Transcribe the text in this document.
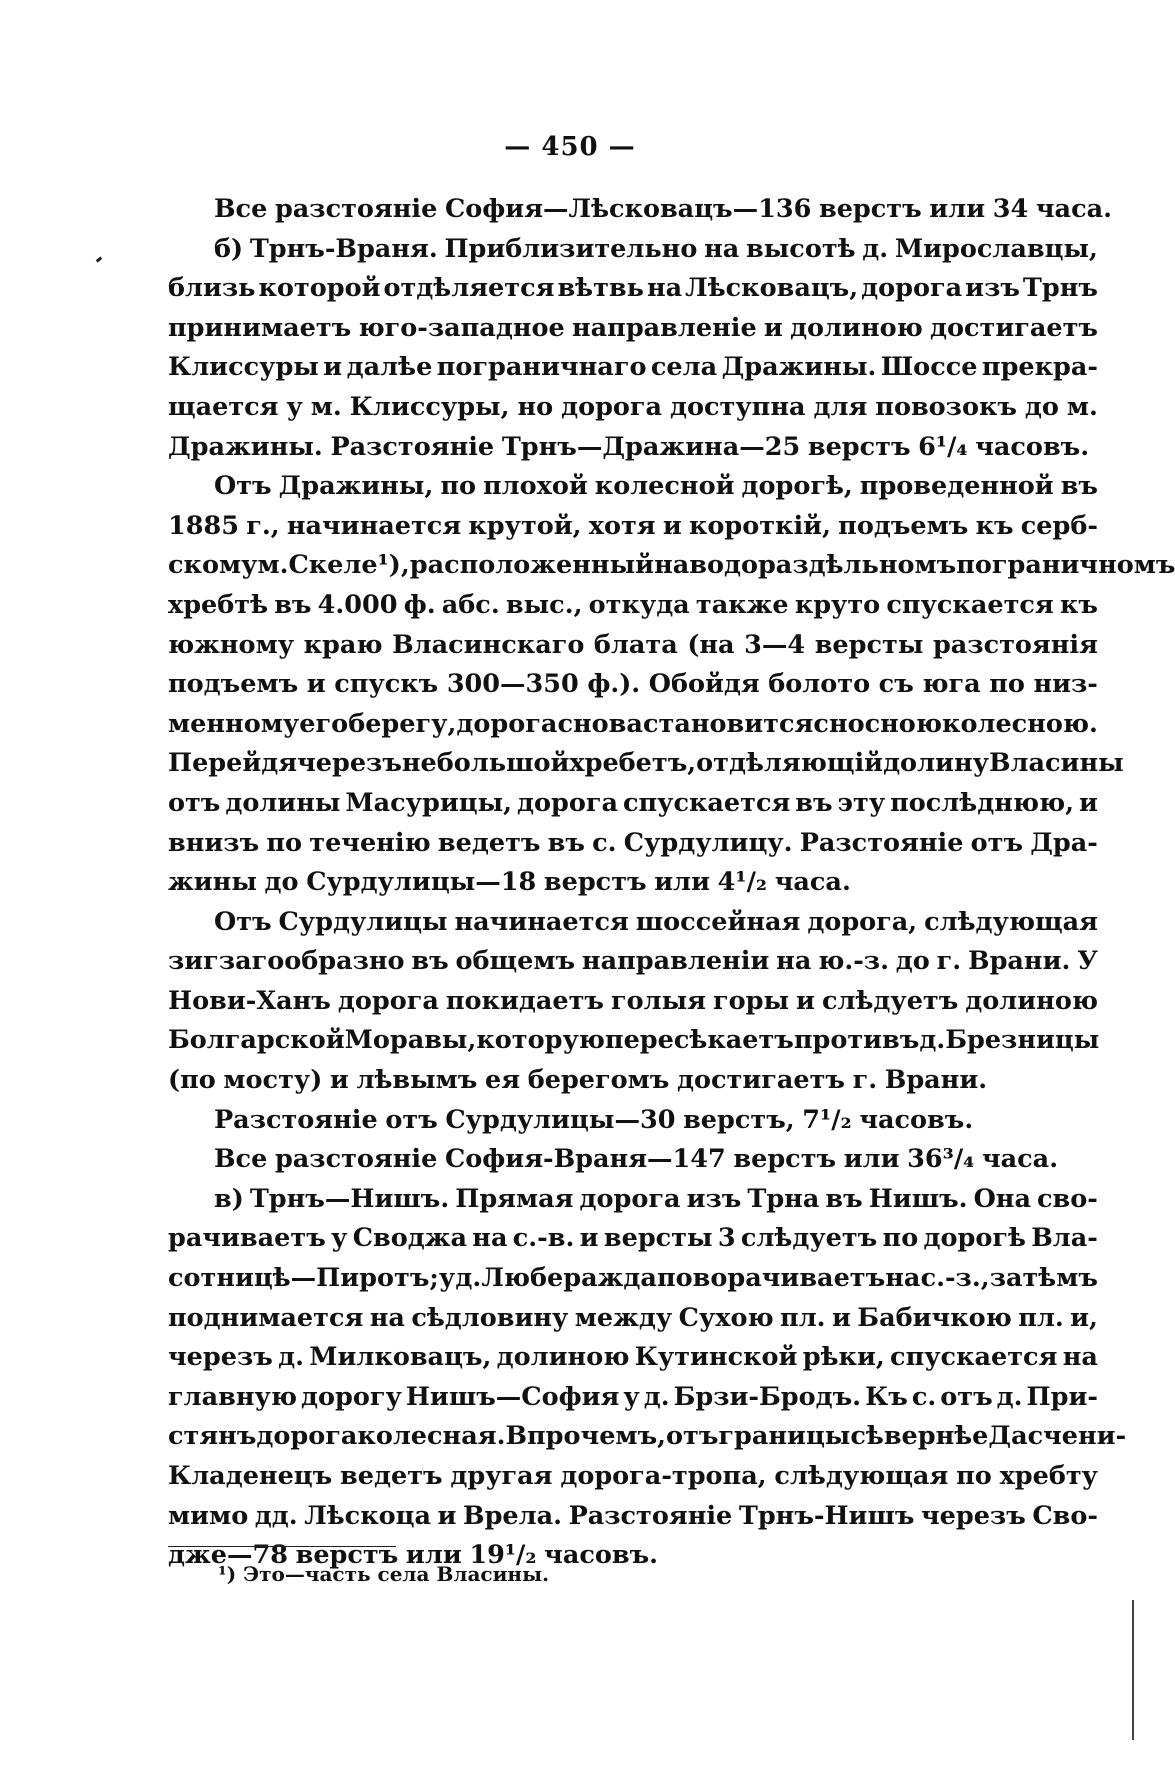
— 450 —
Все разстояніе София—Лѣсковацъ—136 верстъ или 34 часа.
б) Трнъ-Враня. Приблизительно на высотѣ д. Мирославцы,
близь которой отдѣляется вѣтвь на Лѣсковацъ, дорога изъ Трнъ
принимаетъ юго-западное направленіе и долиною достигаетъ
Клиссуры и далѣе пограничнаго села Дражины. Шоссе прекра-
щается у м. Клиссуры, но дорога доступна для повозокъ до м.
Дражины. Разстояніе Трнъ—Дражина—25 верстъ 6¹/₄ часовъ.
Отъ Дражины, по плохой колесной дорогѣ, проведенной въ
1885 г., начинается крутой, хотя и короткій, подъемъ къ серб-
скому м. Скеле ¹), расположенный на водораздѣльномъ пограничномъ
хребтѣ въ 4.000 ф. абс. выс., откуда также круто спускается къ
южному краю Власинскаго блата (на 3—4 версты разстоянія
подъемъ и спускъ 300—350 ф.). Обойдя болото съ юга по низ-
менному его берегу, дорога снова становится сносною колесною.
Перейдя черезъ небольшой хребетъ, отдѣляющій долину Власины
отъ долины Масурицы, дорога спускается въ эту послѣднюю, и
внизъ по теченію ведетъ въ с. Сурдулицу. Разстояніе отъ Дра-
жины до Сурдулицы—18 верстъ или 4¹/₂ часа.
Отъ Сурдулицы начинается шоссейная дорога, слѣдующая
зигзагообразно въ общемъ направленіи на ю.-з. до г. Врани. У
Нови-Ханъ дорога покидаетъ голыя горы и слѣдуетъ долиною
Болгарской Моравы, которую пересѣкаетъ противъ д. Брезницы
(по мосту) и лѣвымъ ея берегомъ достигаетъ г. Врани.
Разстояніе отъ Сурдулицы—30 верстъ, 7¹/₂ часовъ.
Все разстояніе София-Враня—147 верстъ или 36³/₄ часа.
в) Трнъ—Нишъ. Прямая дорога изъ Трна въ Нишъ. Она сво-
рачиваетъ у Своджа на с.-в. и версты 3 слѣдуетъ по дорогѣ Вла-
сотницѣ—Пиротъ; у д. Люберажда поворачиваетъ на с.-з., затѣмъ
поднимается на сѣдловину между Сухою пл. и Бабичкою пл. и,
черезъ д. Милковацъ, долиною Кутинской рѣки, спускается на
главную дорогу Нишъ—София у д. Брзи-Бродъ. Къ с. отъ д. При-
стянъ дорога колесная. Впрочемъ, отъ границы сѣвернѣе Дасчени-
Кладенецъ ведетъ другая дорога-тропа, слѣдующая по хребту
мимо дд. Лѣскоца и Врела. Разстояніе Трнъ-Нишъ черезъ Сво-
дже—78 верстъ или 19¹/₂ часовъ.
¹) Это—часть села Власины.
